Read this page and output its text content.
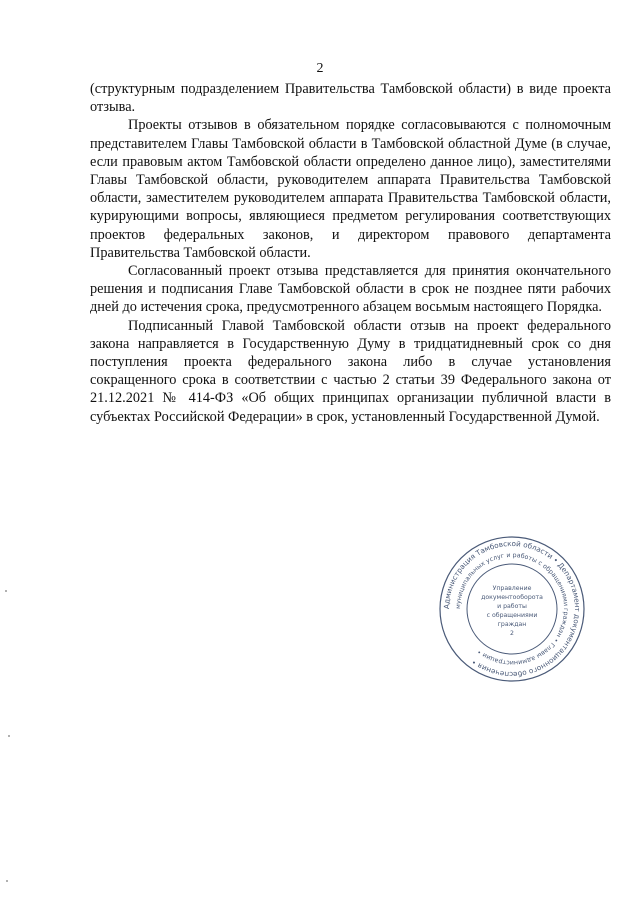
2

(структурным подразделением Правительства Тамбовской области) в виде проекта отзыва.

Проекты отзывов в обязательном порядке согласовываются с полномочным представителем Главы Тамбовской области в Тамбовской областной Думе (в случае, если правовым актом Тамбовской области определено данное лицо), заместителями Главы Тамбовской области, руководителем аппарата Правительства Тамбовской области, заместителем руководителем аппарата Правительства Тамбовской области, курирующими вопросы, являющиеся предметом регулирования соответствующих проектов федеральных законов, и директором правового департамента Правительства Тамбовской области.

Согласованный проект отзыва представляется для принятия окончательного решения и подписания Главе Тамбовской области в срок не позднее пяти рабочих дней до истечения срока, предусмотренного абзацем восьмым настоящего Порядка.

Подписанный Главой Тамбовской области отзыв на проект федерального закона направляется в Государственную Думу в тридцатидневный срок со дня поступления проекта федерального закона либо в случае установления сокращенного срока в соответствии с частью 2 статьи 39 Федерального закона от 21.12.2021 № 414-ФЗ «Об общих принципах организации публичной власти в субъектах Российской Федерации» в срок, установленный Государственной Думой.

Администрация Тамбовской области • Департамент документационного обеспечения •
муниципальных услуг и работы с обращениями граждан • Главы администрации •
Управление
документооборота
и работы
с обращениями
граждан
2
